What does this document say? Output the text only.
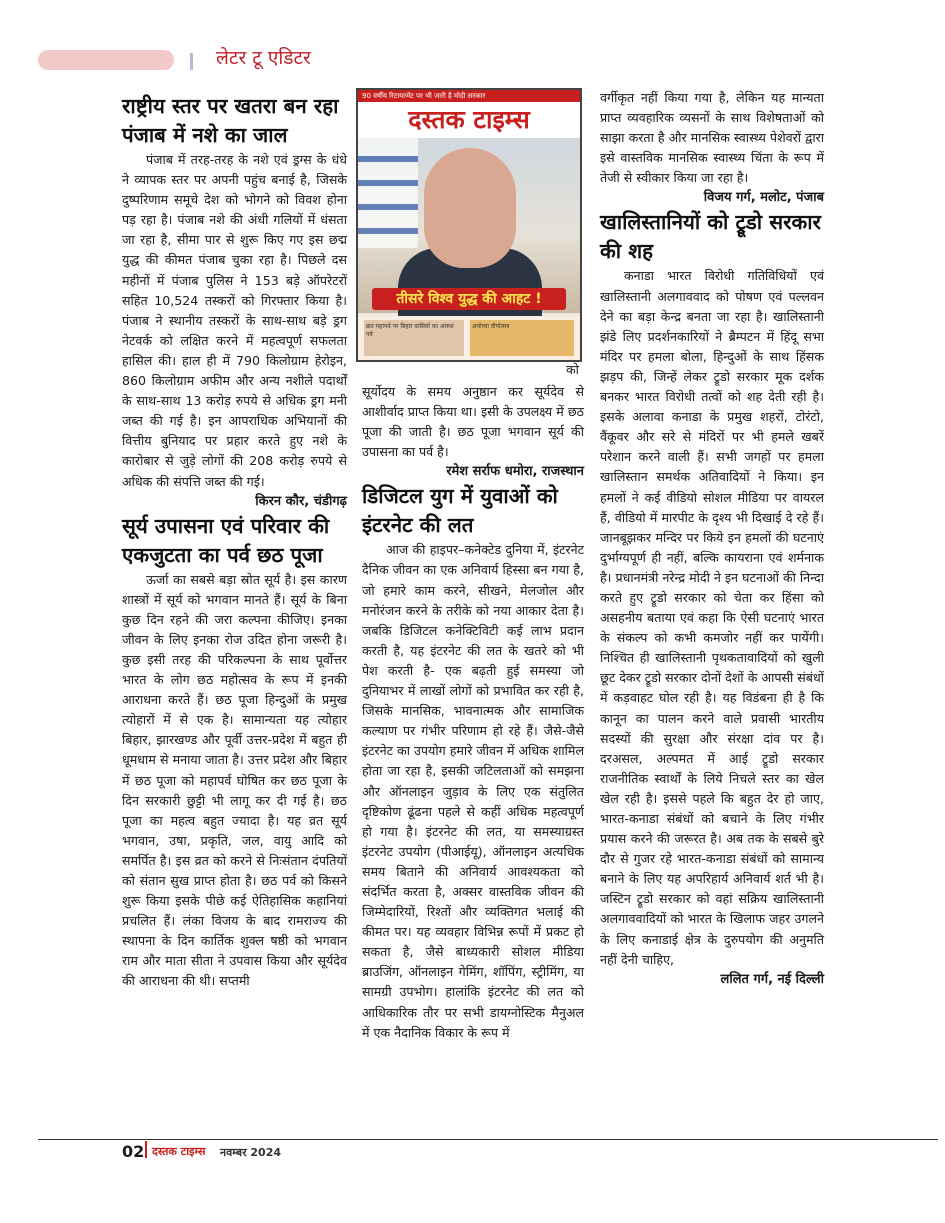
लेटर टू एडिटर
राष्ट्रीय स्तर पर खतरा बन रहा पंजाब में नशे का जाल

पंजाब में तरह-तरह के नशे एवं ड्रग्स के धंधे ने व्यापक स्तर पर अपनी पहुंच बनाई है, जिसके दुष्परिणाम समूचे देश को भोगने को विवश होना पड़ रहा है। पंजाब नशे की अंधी गलियों में धंसता जा रहा है, सीमा पार से शुरू किए गए इस छद्म युद्ध की कीमत पंजाब चुका रहा है। पिछले दस महीनों में पंजाब पुलिस ने 153 बड़े ऑपरेटरों सहित 10,524 तस्करों को गिरफ्तार किया है। पंजाब ने स्थानीय तस्करों के साथ-साथ बड़े ड्रग नेटवर्क को लक्षित करने में महत्वपूर्ण सफलता हासिल की। हाल ही में 790 किलोग्राम हेरोइन, 860 किलोग्राम अफीम और अन्य नशीले पदार्थों के साथ-साथ 13 करोड़ रुपये से अधिक ड्रग मनी जब्त की गई है। इन आपराधिक अभियानों की वित्तीय बुनियाद पर प्रहार करते हुए नशे के कारोबार से जुड़े लोगों की 208 करोड़ रुपये से अधिक की संपत्ति जब्त की गई।

किरन कौर, चंडीगढ़
सूर्य उपासना एवं परिवार की एकजुटता का पर्व छठ पूजा

ऊर्जा का सबसे बड़ा स्रोत सूर्य है। इस कारण शास्त्रों में सूर्य को भगवान मानते हैं। सूर्य के बिना कुछ दिन रहने की जरा कल्पना कीजिए। इनका जीवन के लिए इनका रोज उदित होना जरूरी है। कुछ इसी तरह की परिकल्पना के साथ पूर्वोत्तर भारत के लोग छठ महोत्सव के रूप में इनकी आराधना करते हैं। छठ पूजा हिन्दुओं के प्रमुख त्योहारों में से एक है। सामान्यता यह त्योहार बिहार, झारखण्ड और पूर्वी उत्तर-प्रदेश में बहुत ही धूमधाम से मनाया जाता है। उत्तर प्रदेश और बिहार में छठ पूजा को महापर्व घोषित कर छठ पूजा के दिन सरकारी छुट्टी भी लागू कर दी गई है। छठ पूजा का महत्व बहुत ज्यादा है। यह व्रत सूर्य भगवान, उषा, प्रकृति, जल, वायु आदि को समर्पित है। इस व्रत को करने से निःसंतान दंपतियों को संतान सुख प्राप्त होता है। छठ पर्व को किसने शुरू किया इसके पीछे कई ऐतिहासिक कहानियां प्रचलित हैं। लंका विजय के बाद रामराज्य की स्थापना के दिन कार्तिक शुक्ल षष्ठी को भगवान राम और माता सीता ने उपवास किया और सूर्यदेव की आराधना की थी। सप्तमी

90 वर्षीय रिटायरमेंट पर भी जारी है मोदी सरकार
दस्तक टाइम्स
तीसरे विश्व युद्ध की आहट !
छठ महापर्व पर बिहार वासियों का आस्था पर्व
अयोध्या दीपोत्सव
को

सूर्योदय के समय अनुष्ठान कर सूर्यदेव से आशीर्वाद प्राप्त किया था। इसी के उपलक्ष्य में छठ पूजा की जाती है। छठ पूजा भगवान सूर्य की उपासना का पर्व है।

रमेश सर्राफ धमोरा, राजस्थान
डिजिटल युग में युवाओं को इंटरनेट की लत

आज की हाइपर–कनेक्टेड दुनिया में, इंटरनेट दैनिक जीवन का एक अनिवार्य हिस्सा बन गया है, जो हमारे काम करने, सीखने, मेलजोल और मनोरंजन करने के तरीके को नया आकार देता है। जबकि डिजिटल कनेक्टिविटी कई लाभ प्रदान करती है, यह इंटरनेट की लत के खतरे को भी पेश करती है- एक बढ़ती हुई समस्या जो दुनियाभर में लाखों लोगों को प्रभावित कर रही है, जिसके मानसिक, भावनात्मक और सामाजिक कल्याण पर गंभीर परिणाम हो रहे हैं। जैसे-जैसे इंटरनेट का उपयोग हमारे जीवन में अधिक शामिल होता जा रहा है, इसकी जटिलताओं को समझना और ऑनलाइन जुड़ाव के लिए एक संतुलित दृष्टिकोण ढूंढना पहले से कहीं अधिक महत्वपूर्ण हो गया है। इंटरनेट की लत, या समस्याग्रस्त इंटरनेट उपयोग (पीआईयू), ऑनलाइन अत्यधिक समय बिताने की अनिवार्य आवश्यकता को संदर्भित करता है, अक्सर वास्तविक जीवन की जिम्मेदारियों, रिश्तों और व्यक्तिगत भलाई की कीमत पर। यह व्यवहार विभिन्न रूपों में प्रकट हो सकता है, जैसे बाध्यकारी सोशल मीडिया ब्राउजिंग, ऑनलाइन गेमिंग, शॉपिंग, स्ट्रीमिंग, या सामग्री उपभोग। हालांकि इंटरनेट की लत को आधिकारिक तौर पर सभी डायग्नोस्टिक मैनुअल में एक नैदानिक विकार के रूप में

वर्गीकृत नहीं किया गया है, लेकिन यह मान्यता प्राप्त व्यवहारिक व्यसनों के साथ विशेषताओं को साझा करता है और मानसिक स्वास्थ्य पेशेवरों द्वारा इसे वास्तविक मानसिक स्वास्थ्य चिंता के रूप में तेजी से स्वीकार किया जा रहा है।

विजय गर्ग, मलोट, पंजाब
खालिस्तानियों को ट्रूडो सरकार की शह

कनाडा भारत विरोधी गतिविधियों एवं खालिस्तानी अलगाववाद को पोषण एवं पल्लवन देने का बड़ा केन्द्र बनता जा रहा है। खालिस्तानी झंडे लिए प्रदर्शनकारियों ने ब्रैम्पटन में हिंदू सभा मंदिर पर हमला बोला, हिन्दुओं के साथ हिंसक झड़प की, जिन्हें लेकर ट्रूडो सरकार मूक दर्शक बनकर भारत विरोधी तत्वों को शह देती रही है। इसके अलावा कनाडा के प्रमुख शहरों, टोरंटो, वैंकूवर और सरे से मंदिरों पर भी हमले खबरें परेशान करने वाली हैं। सभी जगहों पर हमला खालिस्तान समर्थक अतिवादियों ने किया। इन हमलों ने कई वीडियो सोशल मीडिया पर वायरल हैं, वीडियो में मारपीट के दृश्य भी दिखाई दे रहे हैं। जानबूझकर मन्दिर पर किये इन हमलों की घटनाएं दुर्भाग्यपूर्ण ही नहीं, बल्कि कायराना एवं शर्मनाक है। प्रधानमंत्री नरेन्द्र मोदी ने इन घटनाओं की निन्दा करते हुए ट्रूडो सरकार को चेता कर हिंसा को असहनीय बताया एवं कहा कि ऐसी घटनाएं भारत के संकल्प को कभी कमजोर नहीं कर पायेंगी। निश्चित ही खालिस्तानी पृथकतावादियों को खुली छूट देकर ट्रूडो सरकार दोनों देशों के आपसी संबंधों में कड़वाहट घोल रही है। यह विडंबना ही है कि कानून का पालन करने वाले प्रवासी भारतीय सदस्यों की सुरक्षा और संरक्षा दांव पर है। दरअसल, अल्पमत में आई ट्रूडो सरकार राजनीतिक स्वार्थों के लिये निचले स्तर का खेल खेल रही है। इससे पहले कि बहुत देर हो जाए, भारत-कनाडा संबंधों को बचाने के लिए गंभीर प्रयास करने की जरूरत है। अब तक के सबसे बुरे दौर से गुजर रहे भारत-कनाडा संबंधों को सामान्य बनाने के लिए यह अपरिहार्य अनिवार्य शर्त भी है। जस्टिन ट्रूडो सरकार को वहां सक्रिय खालिस्तानी अलगाववादियों को भारत के खिलाफ जहर उगलने के लिए कनाडाई क्षेत्र के दुरुपयोग की अनुमति नहीं देनी चाहिए,

ललित गर्ग, नई दिल्ली
02 दस्तक टाइम्स नवम्बर 2024
